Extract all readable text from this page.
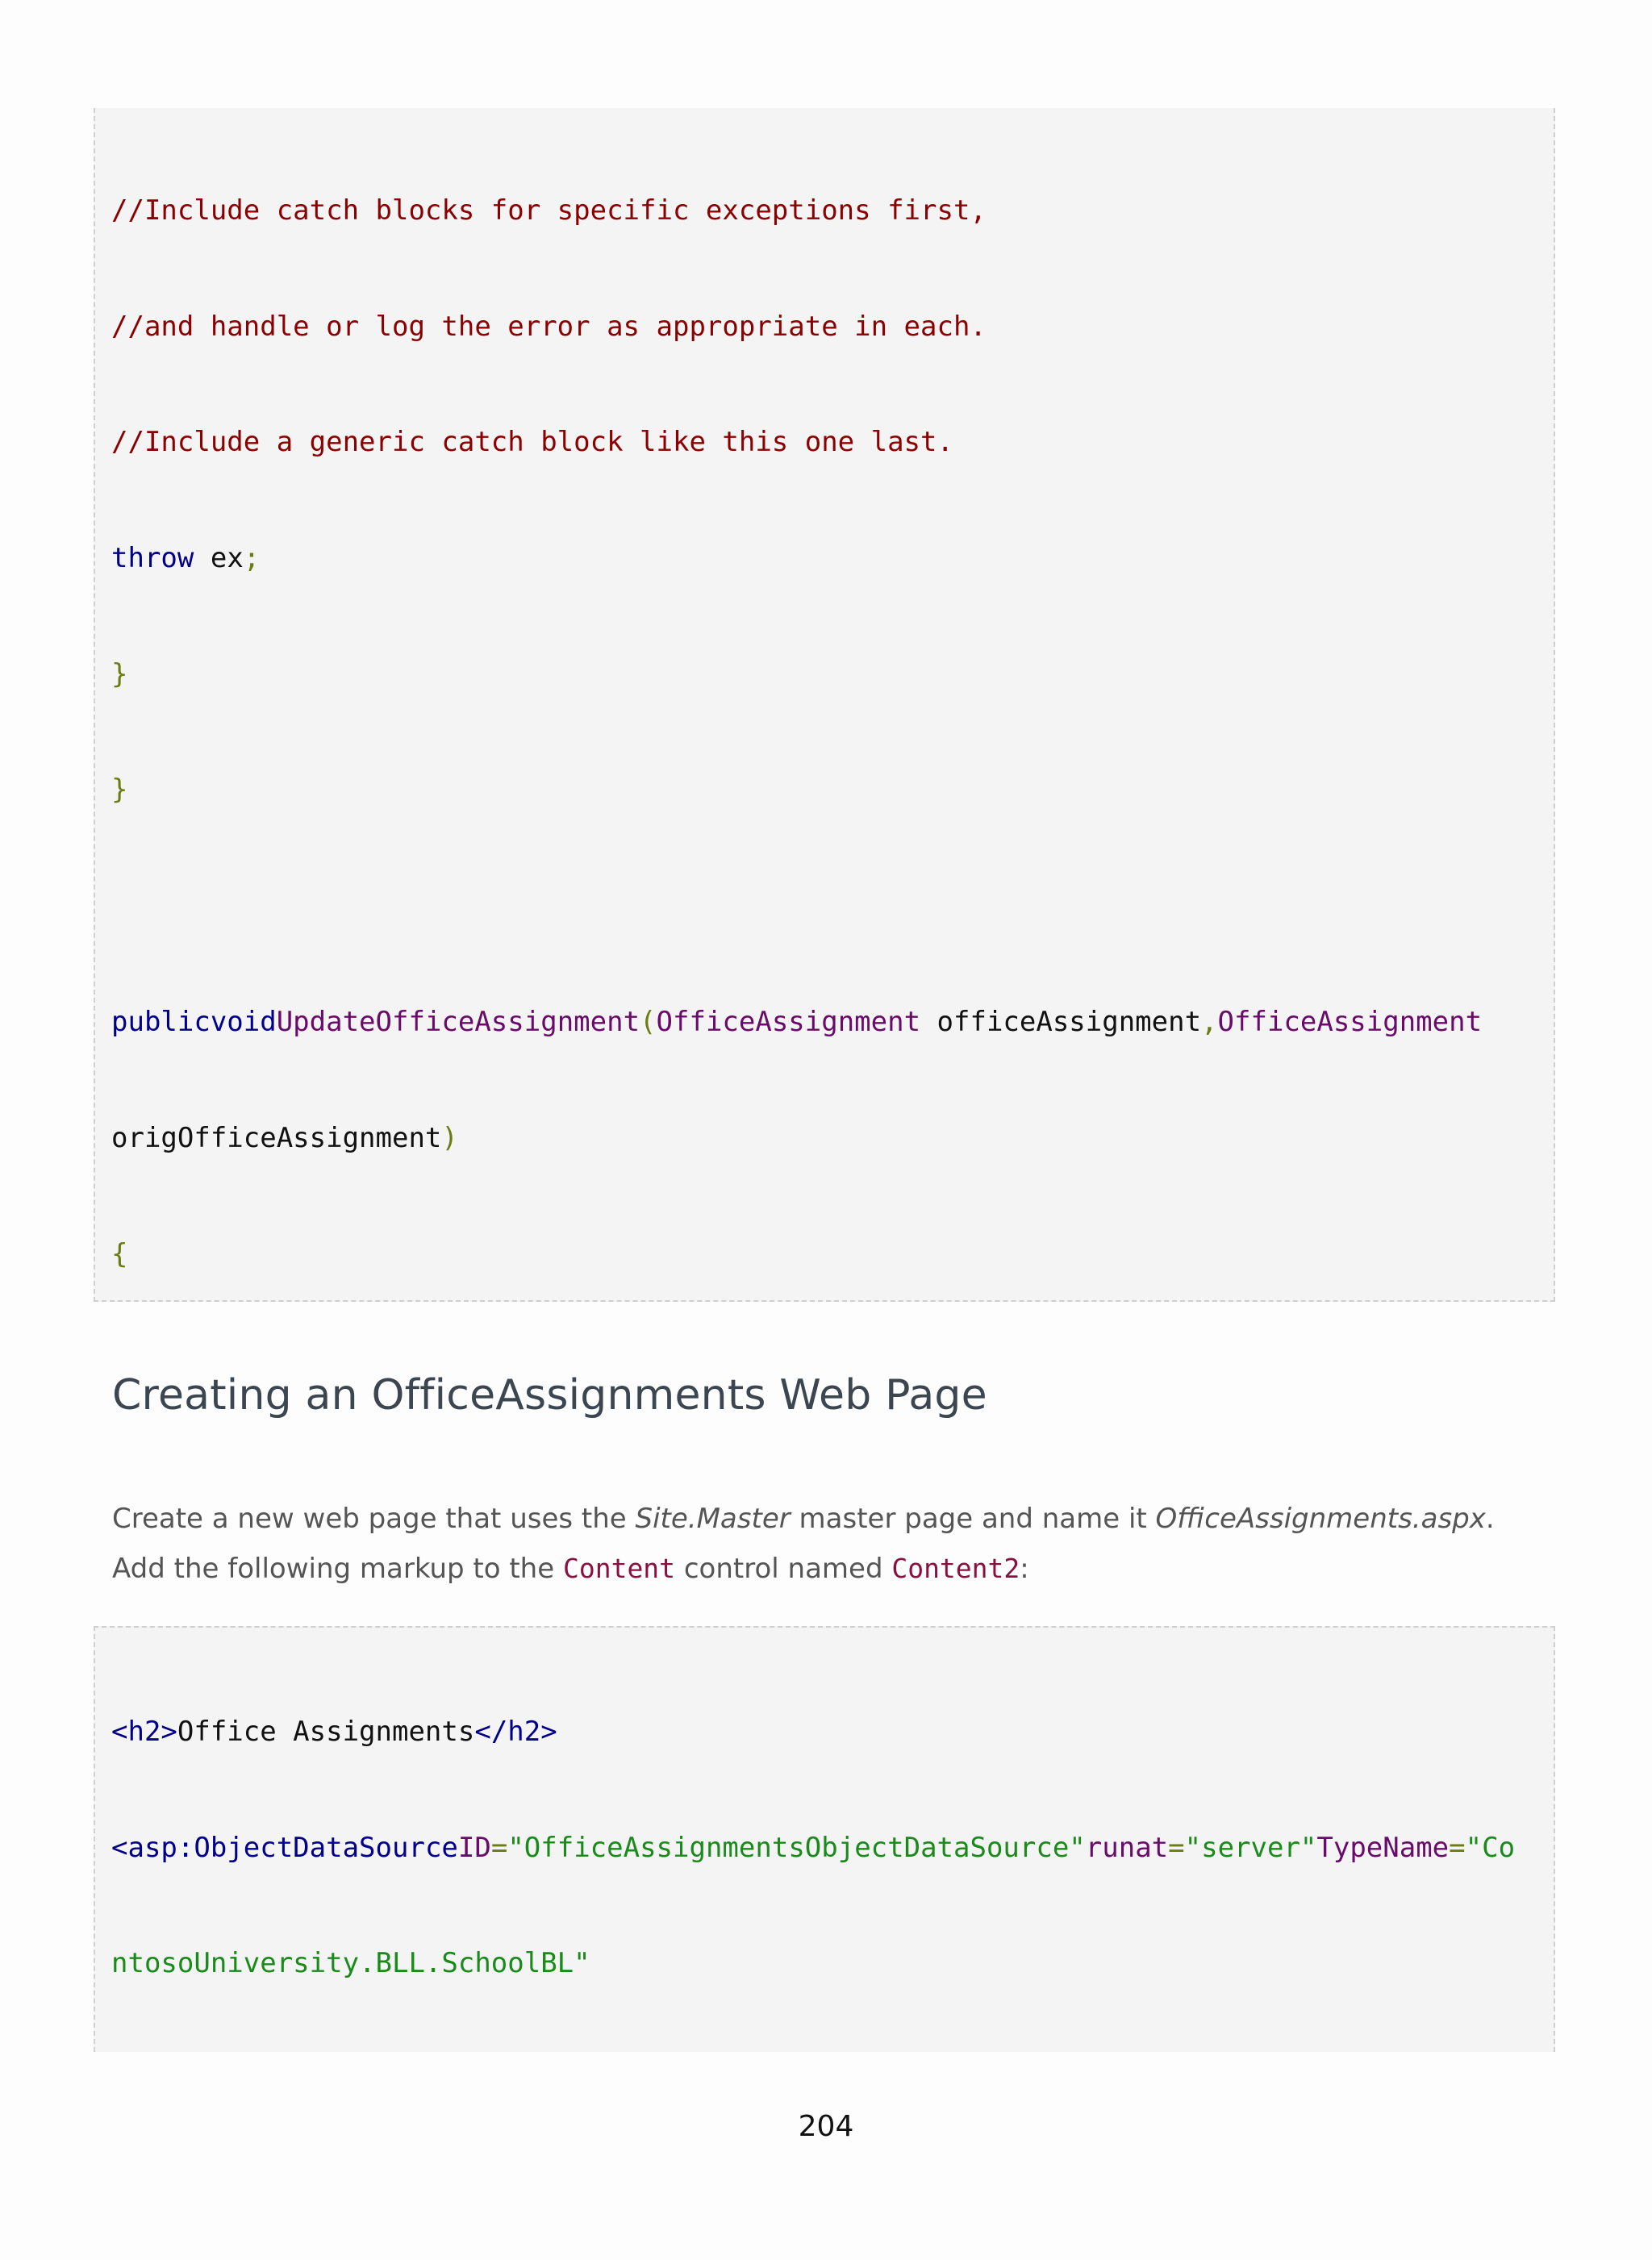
//Include catch blocks for specific exceptions first,

//and handle or log the error as appropriate in each.

//Include a generic catch block like this one last.

throw ex;

}

}

publicvoidUpdateOfficeAssignment(OfficeAssignment officeAssignment,OfficeAssignment

origOfficeAssignment)

{

Creating an OfficeAssignments Web Page

Create a new web page that uses the Site.Master master page and name it OfficeAssignments.aspx. Add the following markup to the Content control named Content2:

<h2>Office Assignments</h2>

<asp:ObjectDataSourceID="OfficeAssignmentsObjectDataSource"runat="server"TypeName="Co

ntosoUniversity.BLL.SchoolBL"

204
